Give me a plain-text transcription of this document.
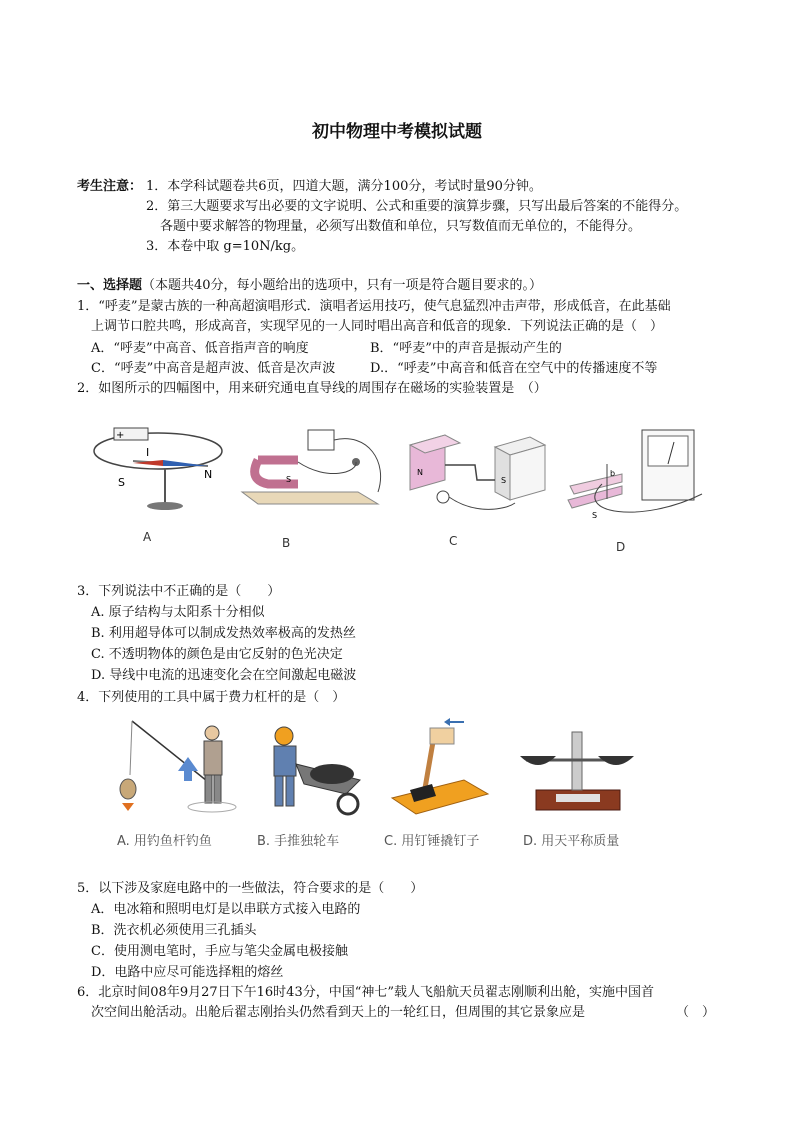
初中物理中考模拟试题
考生注意： 1．本学科试题卷共6页，四道大题，满分100分，考试时量90分钟。
2．第三大题要求写出必要的文字说明、公式和重要的演算步骤，只写出最后答案的不能得分。
各题中要求解答的物理量，必须写出数值和单位，只写数值而无单位的，不能得分。
3．本卷中取 g=10N/kg。
一、选择题（本题共40分，每小题给出的选项中，只有一项是符合题目要求的。）
1．“呼麦”是蒙古族的一种高超演唱形式．演唱者运用技巧，使气息猛烈冲击声带，形成低音，在此基础
上调节口腔共鸣，形成高音，实现罕见的一人同时唱出高音和低音的现象．下列说法正确的是（　）
A．“呼麦”中高音、低音指声音的响度	B．“呼麦”中的声音是振动产生的
C．“呼麦”中高音是超声波、低音是次声波	D.．“呼麦”中高音和低音在空气中的传播速度不等
2．如图所示的四幅图中，用来研究通电直导线的周围存在磁场的实验装置是　（）
+
S
N
I
A
S
B
N
S
C
S
b
D
3．下列说法中不正确的是（　　）
A. 原子结构与太阳系十分相似
B. 利用超导体可以制成发热效率极高的发热丝
C. 不透明物体的颜色是由它反射的色光决定
D. 导线中电流的迅速变化会在空间激起电磁波
4．下列使用的工具中属于费力杠杆的是（　）
A. 用钓鱼杆钓鱼	B. 手推独轮车	C. 用钉锤撬钉子	D. 用天平称质量
5．以下涉及家庭电路中的一些做法，符合要求的是（　　）
A．电冰箱和照明电灯是以串联方式接入电路的
B．洗衣机必须使用三孔插头
C．使用测电笔时，手应与笔尖金属电极接触
D．电路中应尽可能选择粗的熔丝
6．北京时间08年9月27日下午16时43分，中国“神七”载人飞船航天员翟志刚顺利出舱，实施中国首
次空间出舱活动。出舱后翟志刚抬头仍然看到天上的一轮红日，但周围的其它景象应是	（　）
